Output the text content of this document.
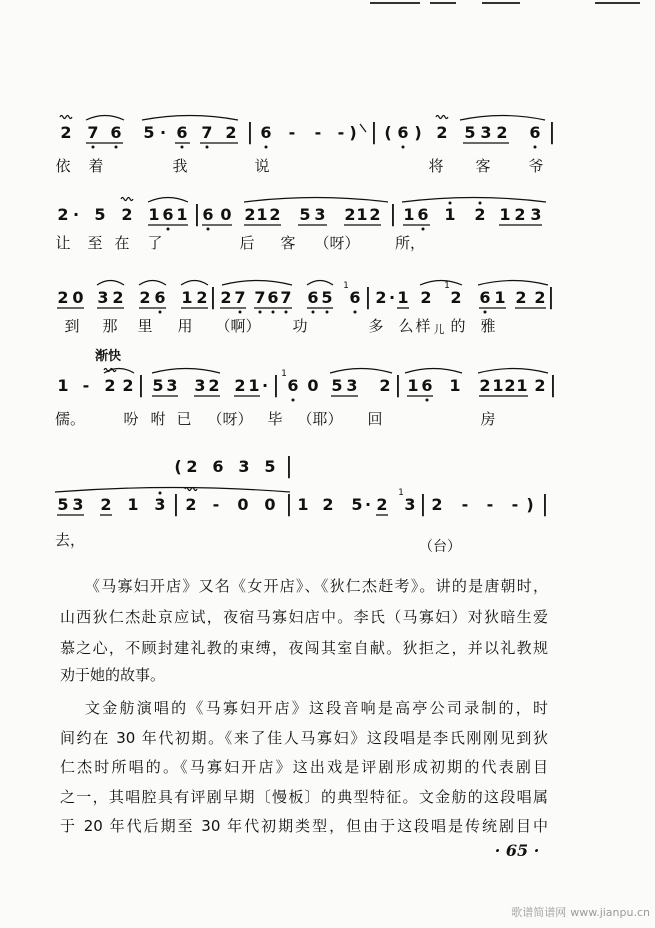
渐快
（台）
2 7 6 5 · 6 7 2 | 6 - - - ) | ( 6 ) 2 5 3 2 6 |
依 着	我	说	将 客	爷
2 · 5 2 1 6 1 | 6 0 2 1 2 5 3 2 1 2 | 1 6 1 2 1 2 3
让 至 在 了	后 客 （呀） 所，
2 0 3 2 2 6 1 2 | 2 7 7 6 7 6 5
1
6 | 2 · 1 2
1
2 6 1 2 2 |
到 那 里 用 （啊） 功	多 么 样 儿 的 雅
1 - 2 2 | 5 3 3 2 2 1 · | 1
6 0 5 3 2 | 1 6 1 2 1 2 1 2 |
儒。	吩 咐 已 （呀） 毕 （耶） 回	房
5 3 2 1 3 | 2 - 0 0 | 1 2 5 · 2
1
3 | 2 - - - ) |
去，
( 2 6 3 5 |
《马寡妇开店》又名《女开店》、《狄仁杰赶考》。讲的是唐朝时，
山西狄仁杰赴京应试，夜宿马寡妇店中。李氏（马寡妇）对狄暗生爱
慕之心，不顾封建礼教的束缚，夜闯其室自献。狄拒之，并以礼教规
劝于她的故事。
文金舫演唱的《马寡妇开店》这段音响是高亭公司录制的，时
间约在 30 年代初期。《来了佳人马寡妇》这段唱是李氏刚刚见到狄
仁杰时所唱的。《马寡妇开店》这出戏是评剧形成初期的代表剧目
之一，其唱腔具有评剧早期〔慢板〕的典型特征。文金舫的这段唱属
于 20 年代后期至 30 年代初期类型，但由于这段唱是传统剧目中
· 65 ·
歌谱简谱网 www.jianpu.cn
